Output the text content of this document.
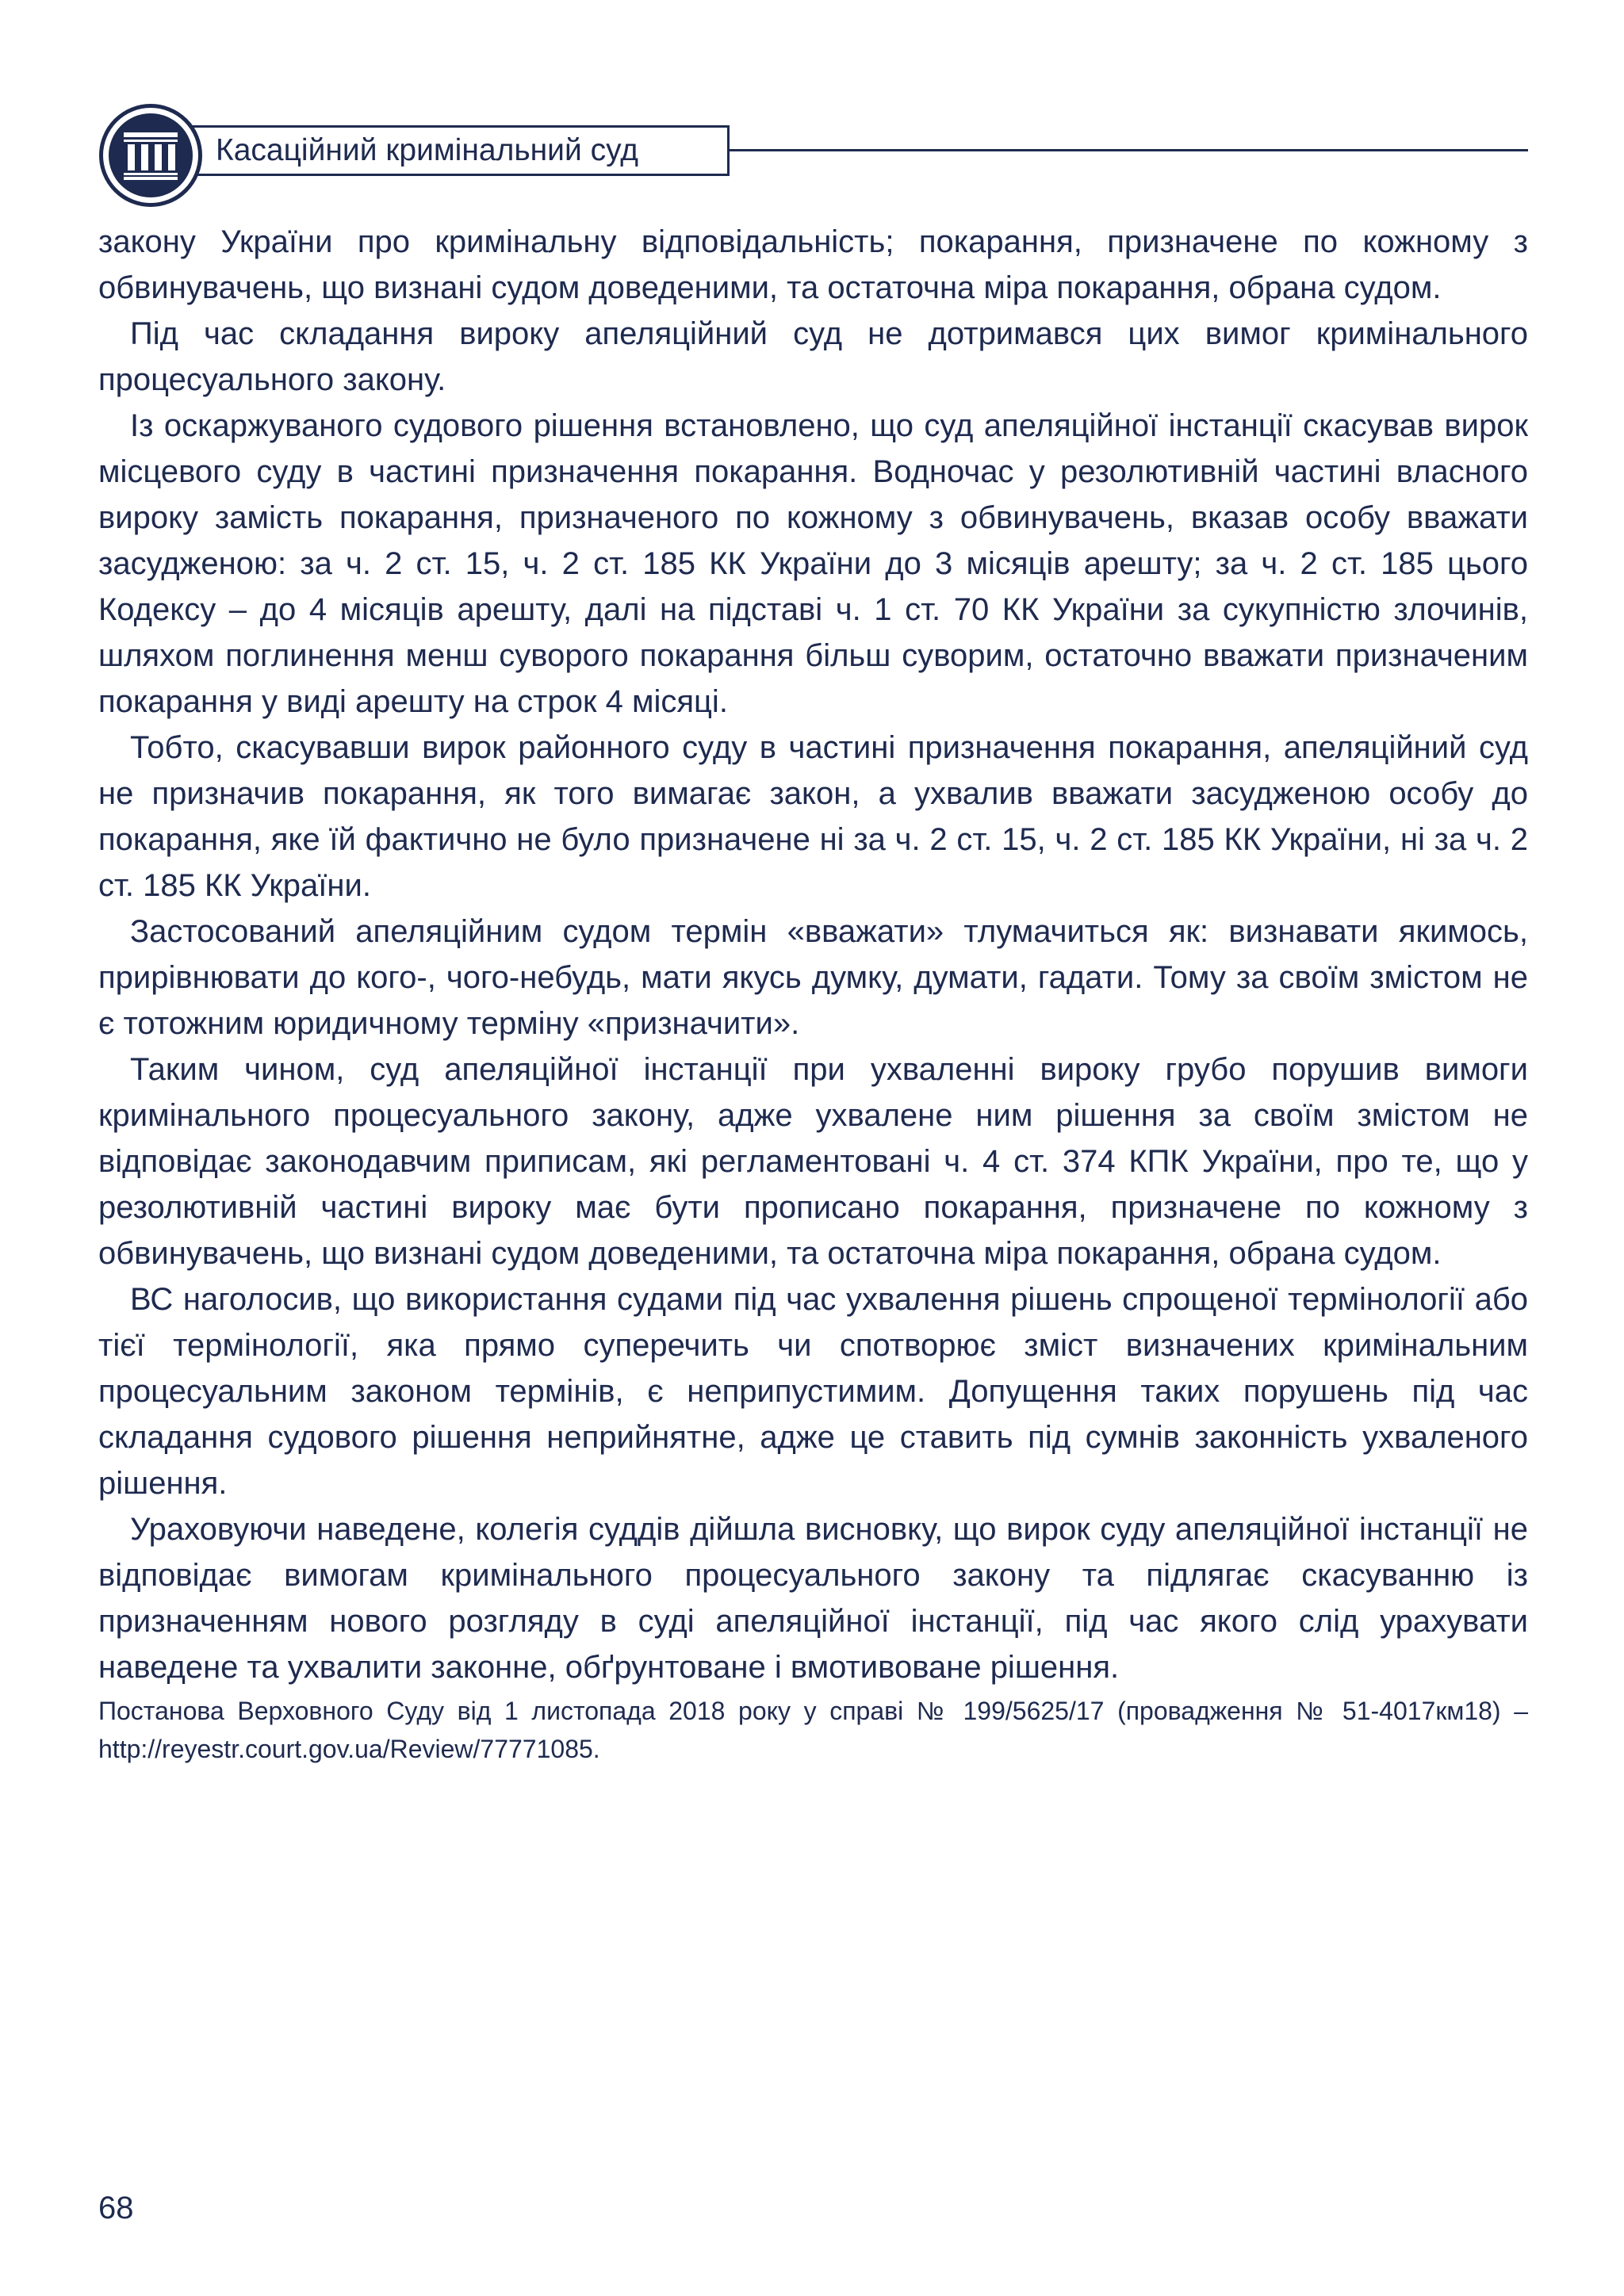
Касаційний кримінальний суд

закону України про кримінальну відповідальність; покарання, призначене по кожному з обвинувачень, що визнані судом доведеними, та остаточна міра покарання, обрана судом.

Під час складання вироку апеляційний суд не дотримався цих вимог кримінального процесуального закону.

Із оскаржуваного судового рішення встановлено, що суд апеляційної інстанції скасував вирок місцевого суду в частині призначення покарання. Водночас у резолютивній частині власного вироку замість покарання, призначеного по кожному з обвинувачень, вказав особу вважати засудженою: за ч. 2 ст. 15, ч. 2 ст. 185 КК України до 3 місяців арешту; за ч. 2 ст. 185 цього Кодексу – до 4 місяців арешту, далі на підставі ч. 1 ст. 70 КК України за сукупністю злочинів, шляхом поглинення менш суворого покарання більш суворим, остаточно вважати призначеним покарання у виді арешту на строк 4 місяці.

Тобто, скасувавши вирок районного суду в частині призначення покарання, апеляційний суд не призначив покарання, як того вимагає закон, а ухвалив вважати засудженою особу до покарання, яке їй фактично не було призначене ні за ч. 2 ст. 15, ч. 2 ст. 185 КК України, ні за ч. 2 ст. 185 КК України.

Застосований апеляційним судом термін «вважати» тлумачиться як: визнавати якимось, прирівнювати до кого-, чого-небудь, мати якусь думку, думати, гадати. Тому за своїм змістом не є тотожним юридичному терміну «призначити».

Таким чином, суд апеляційної інстанції при ухваленні вироку грубо порушив вимоги кримінального процесуального закону, адже ухвалене ним рішення за своїм змістом не відповідає законодавчим приписам, які регламентовані ч. 4 ст. 374 КПК України, про те, що у резолютивній частині вироку має бути прописано покарання, призначене по кожному з обвинувачень, що визнані судом доведеними, та остаточна міра покарання, обрана судом.

ВС наголосив, що використання судами під час ухвалення рішень спрощеної термінології або тієї термінології, яка прямо суперечить чи спотворює зміст визначених кримінальним процесуальним законом термінів, є неприпустимим. Допущення таких порушень під час складання судового рішення неприйнятне, адже це ставить під сумнів законність ухваленого рішення.

Ураховуючи наведене, колегія суддів дійшла висновку, що вирок суду апеляційної інстанції не відповідає вимогам кримінального процесуального закону та підлягає скасуванню із призначенням нового розгляду в суді апеляційної інстанції, під час якого слід урахувати наведене та ухвалити законне, обґрунтоване і вмотивоване рішення.

Постанова Верховного Суду від 1 листопада 2018 року у справі № 199/5625/17 (провадження № 51-4017км18) – http://reyestr.court.gov.ua/Review/77771085.
68
